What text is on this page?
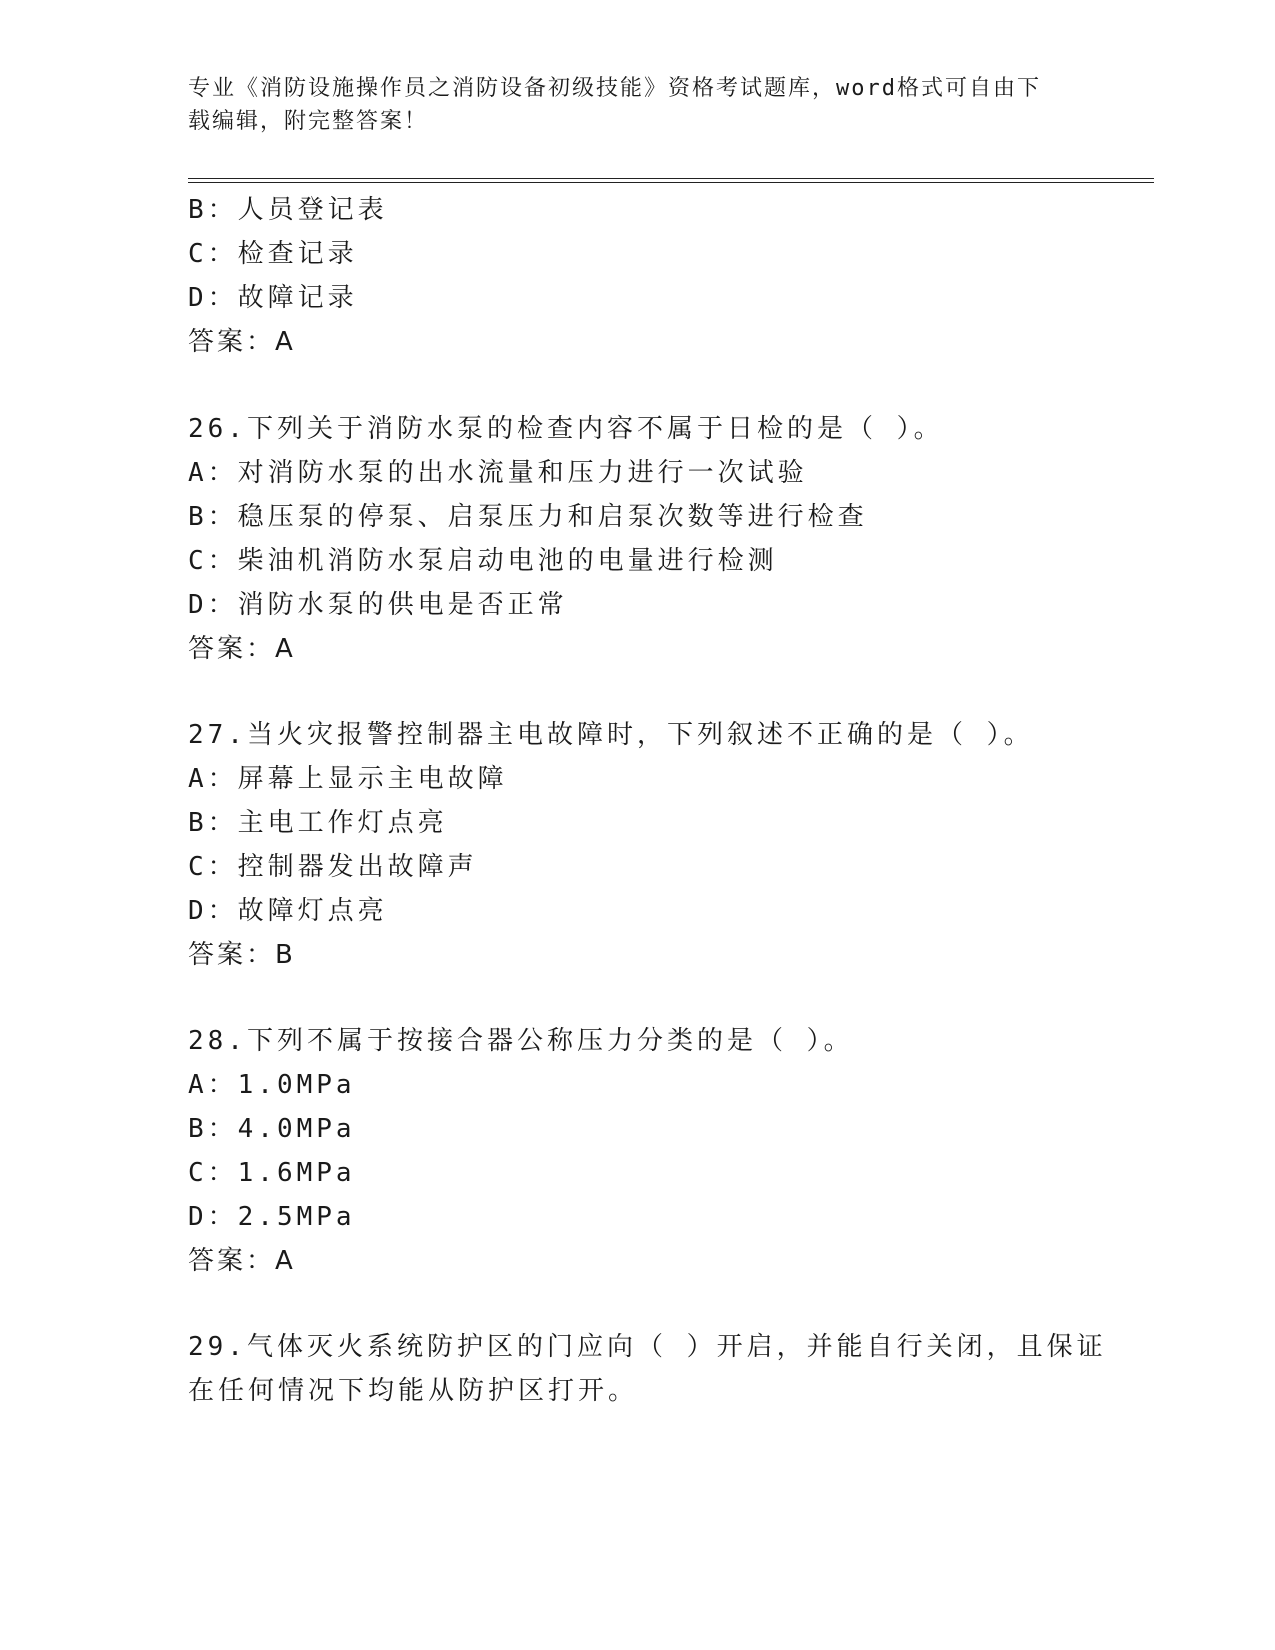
专业《消防设施操作员之消防设备初级技能》资格考试题库，word格式可自由下
载编辑，附完整答案！
B：人员登记表
C：检查记录
D：故障记录
答案：A
26.下列关于消防水泵的检查内容不属于日检的是（ ）。
A：对消防水泵的出水流量和压力进行一次试验
B：稳压泵的停泵、启泵压力和启泵次数等进行检查
C：柴油机消防水泵启动电池的电量进行检测
D：消防水泵的供电是否正常
答案：A
27.当火灾报警控制器主电故障时，下列叙述不正确的是（ ）。
A：屏幕上显示主电故障
B：主电工作灯点亮
C：控制器发出故障声
D：故障灯点亮
答案：B
28.下列不属于按接合器公称压力分类的是（ ）。
A：1.0MPa
B：4.0MPa
C：1.6MPa
D：2.5MPa
答案：A
29.气体灭火系统防护区的门应向（ ）开启，并能自行关闭，且保证
在任何情况下均能从防护区打开。
